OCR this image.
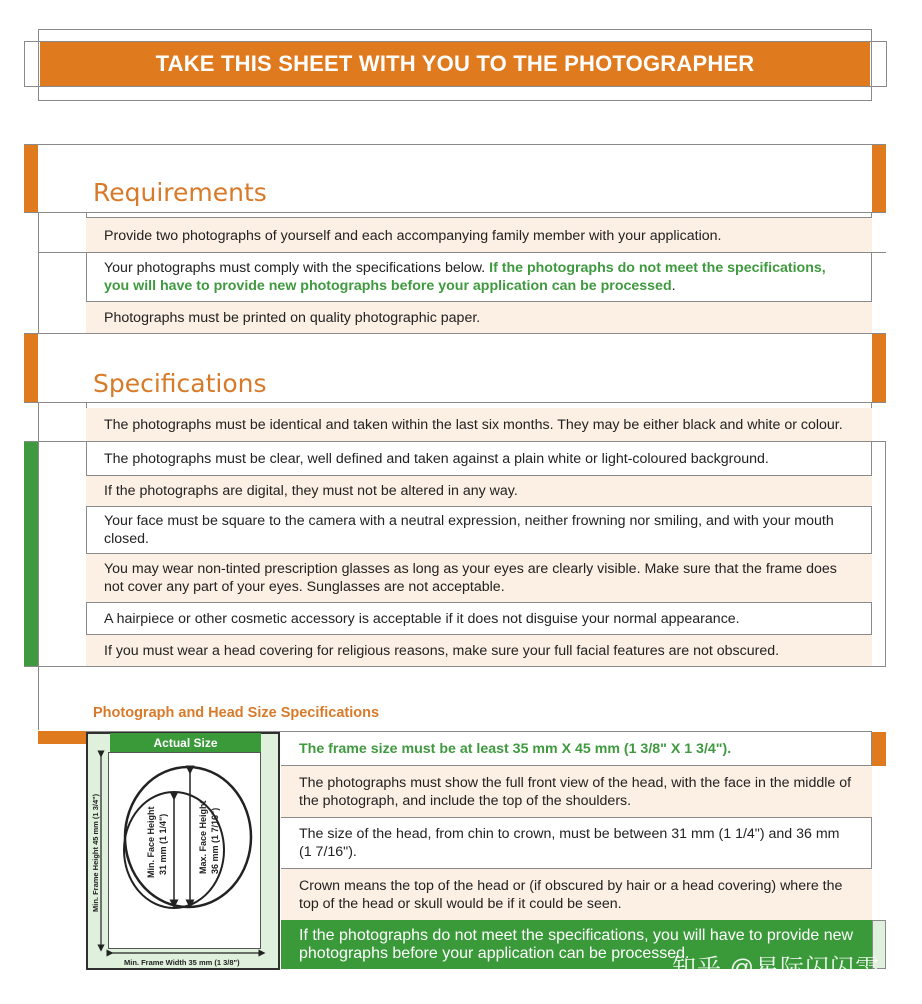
TAKE THIS SHEET WITH YOU TO THE PHOTOGRAPHER
Requirements
Provide two photographs of yourself and each accompanying family member with your application.
Your photographs must comply with the specifications below. If the photographs do not meet the specifications, you will have to provide new photographs before your application can be processed.
Photographs must be printed on quality photographic paper.
Specifications
The photographs must be identical and taken within the last six months. They may be either black and white or colour.
The photographs must be clear, well defined and taken against a plain white or light-coloured background.
If the photographs are digital, they must not be altered in any way.
Your face must be square to the camera with a neutral expression, neither frowning nor smiling, and with your mouth closed.
You may wear non-tinted prescription glasses as long as your eyes are clearly visible. Make sure that the frame does not cover any part of your eyes. Sunglasses are not acceptable.
A hairpiece or other cosmetic accessory is acceptable if it does not disguise your normal appearance.
If you must wear a head covering for religious reasons, make sure your full facial features are not obscured.
Photograph and Head Size Specifications
Actual Size
Min. Frame Height 45 mm (1 3/4")	Min. Face Height 31 mm (1 1/4")	Max. Face Height 36 mm (1 7/16")
Min. Frame Width 35 mm (1 3/8")
The frame size must be at least 35 mm X 45 mm (1 3/8" X 1 3/4").
The photographs must show the full front view of the head, with the face in the middle of the photograph, and include the top of the shoulders.
The size of the head, from chin to crown, must be between 31 mm (1 1/4") and 36 mm (1 7/16").
Crown means the top of the head or (if obscured by hair or a head covering) where the top of the head or skull would be if it could be seen.
If the photographs do not meet the specifications, you will have to provide new photographs before your application can be processed.
知乎 @星际闪闪雯
